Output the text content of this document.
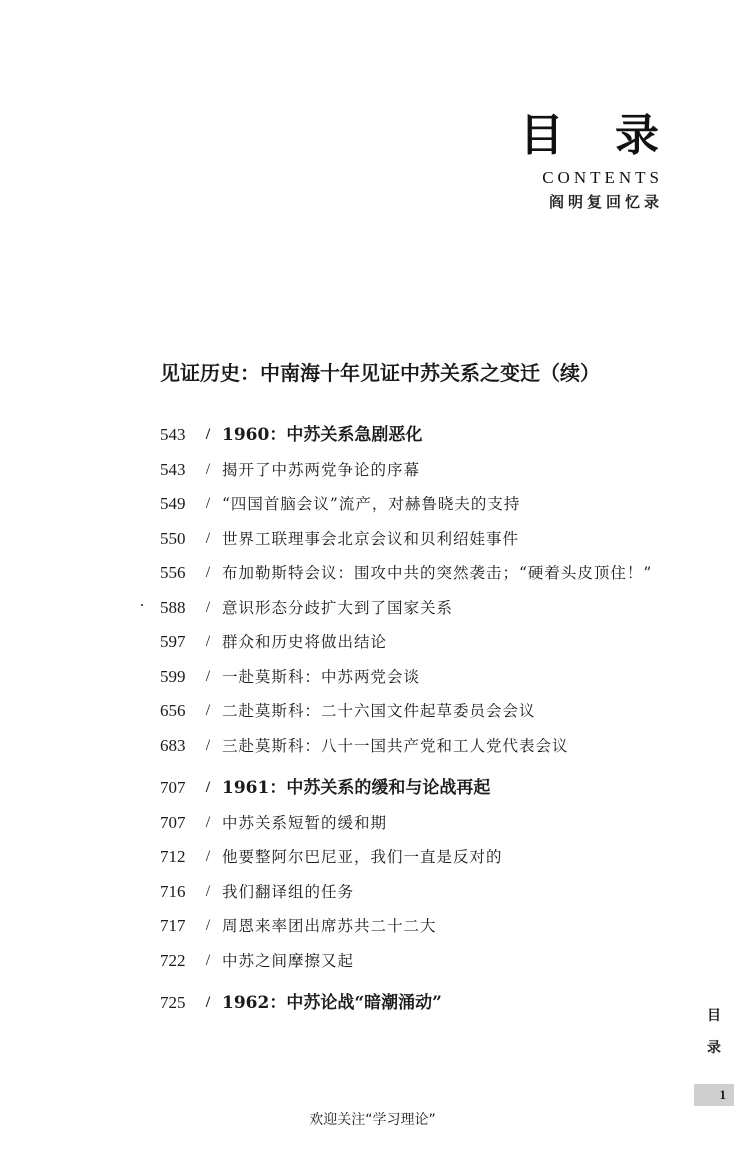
目 录
CONTENTS
阎明复回忆录
见证历史：中南海十年见证中苏关系之变迁（续）
543	/ 1960：中苏关系急剧恶化
543	/ 揭开了中苏两党争论的序幕
549	/ “四国首脑会议”流产，对赫鲁晓夫的支持
550	/ 世界工联理事会北京会议和贝利绍娃事件
556	/ 布加勒斯特会议：围攻中共的突然袭击；“硬着头皮顶住！”
588	/ 意识形态分歧扩大到了国家关系
597	/ 群众和历史将做出结论
599	/ 一赴莫斯科：中苏两党会谈
656	/ 二赴莫斯科：二十六国文件起草委员会会议
683	/ 三赴莫斯科：八十一国共产党和工人党代表会议
707	/ 1961：中苏关系的缓和与论战再起
707	/ 中苏关系短暂的缓和期
712	/ 他要整阿尔巴尼亚，我们一直是反对的
716	/ 我们翻译组的任务
717	/ 周恩来率团出席苏共二十二大
722	/ 中苏之间摩擦又起
725	/ 1962：中苏论战“暗潮涌动”
目
录
1
欢迎关注“学习理论”
